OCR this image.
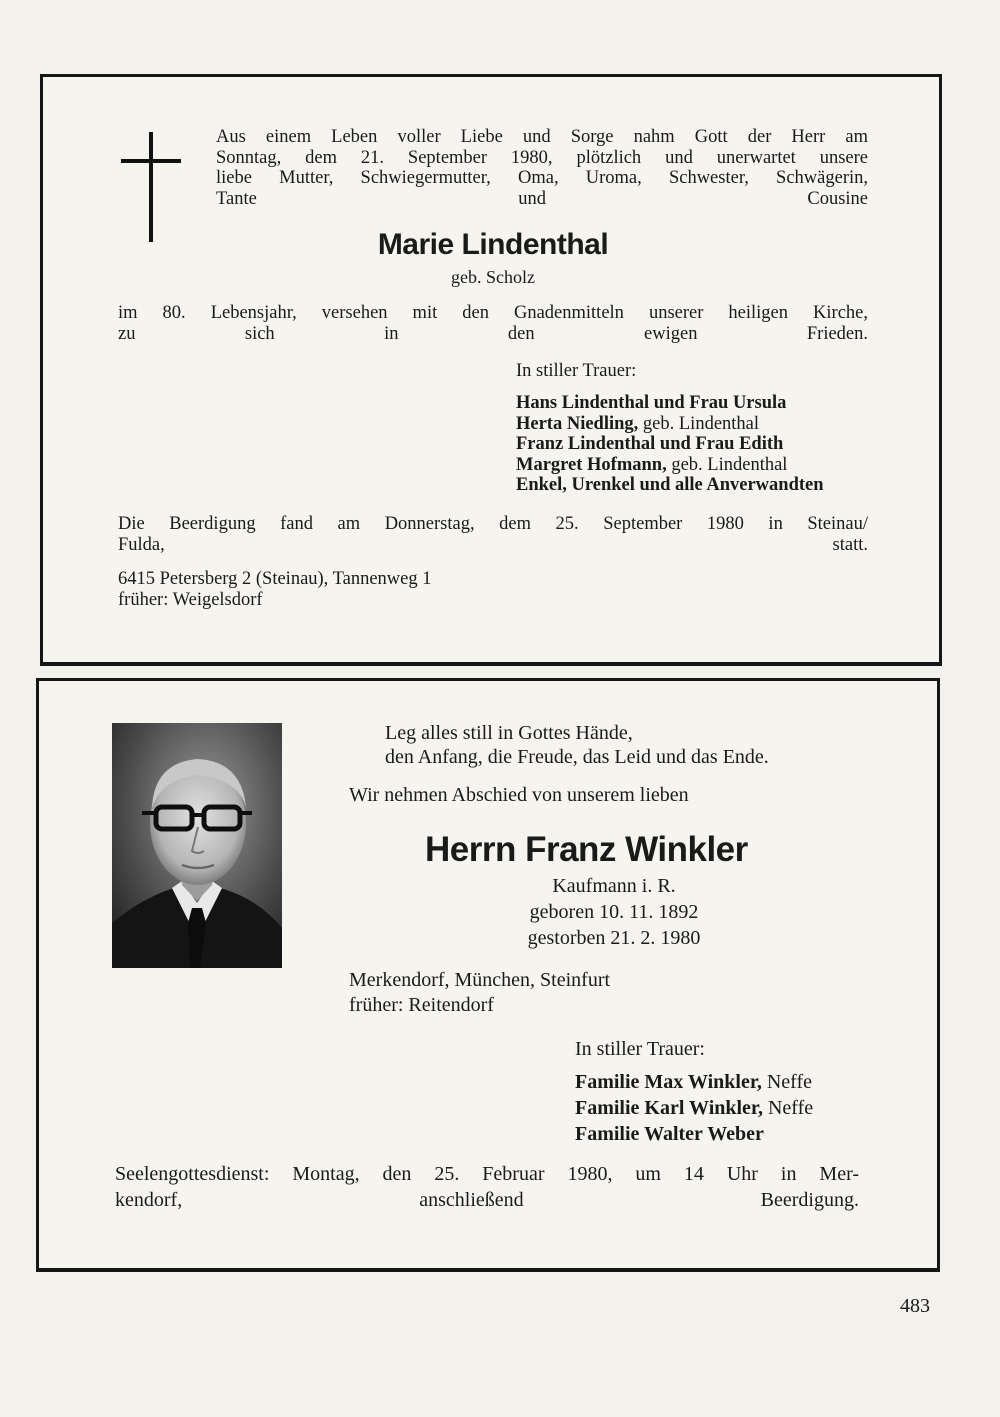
Aus einem Leben voller Liebe und Sorge nahm Gott der Herr am
Sonntag, dem 21. September 1980, plötzlich und unerwartet unsere
liebe Mutter, Schwiegermutter, Oma, Uroma, Schwester, Schwägerin,
Tante und Cousine
Marie Lindenthal
geb. Scholz
im 80. Lebensjahr, versehen mit den Gnadenmitteln unserer heiligen Kirche,
zu sich in den ewigen Frieden.
In stiller Trauer:
Hans Lindenthal und Frau Ursula
Herta Niedling, geb. Lindenthal
Franz Lindenthal und Frau Edith
Margret Hofmann, geb. Lindenthal
Enkel, Urenkel und alle Anverwandten
Die Beerdigung fand am Donnerstag, dem 25. September 1980 in Steinau/
Fulda, statt.
6415 Petersberg 2 (Steinau), Tannenweg 1
früher: Weigelsdorf
Leg alles still in Gottes Hände,
den Anfang, die Freude, das Leid und das Ende.
Wir nehmen Abschied von unserem lieben
Herrn Franz Winkler
Kaufmann i. R.
geboren 10. 11. 1892
gestorben 21. 2. 1980
Merkendorf, München, Steinfurt
früher: Reitendorf
In stiller Trauer:
Familie Max Winkler, Neffe
Familie Karl Winkler, Neffe
Familie Walter Weber
Seelengottesdienst: Montag, den 25. Februar 1980, um 14 Uhr in Mer-
kendorf, anschließend Beerdigung.
483
